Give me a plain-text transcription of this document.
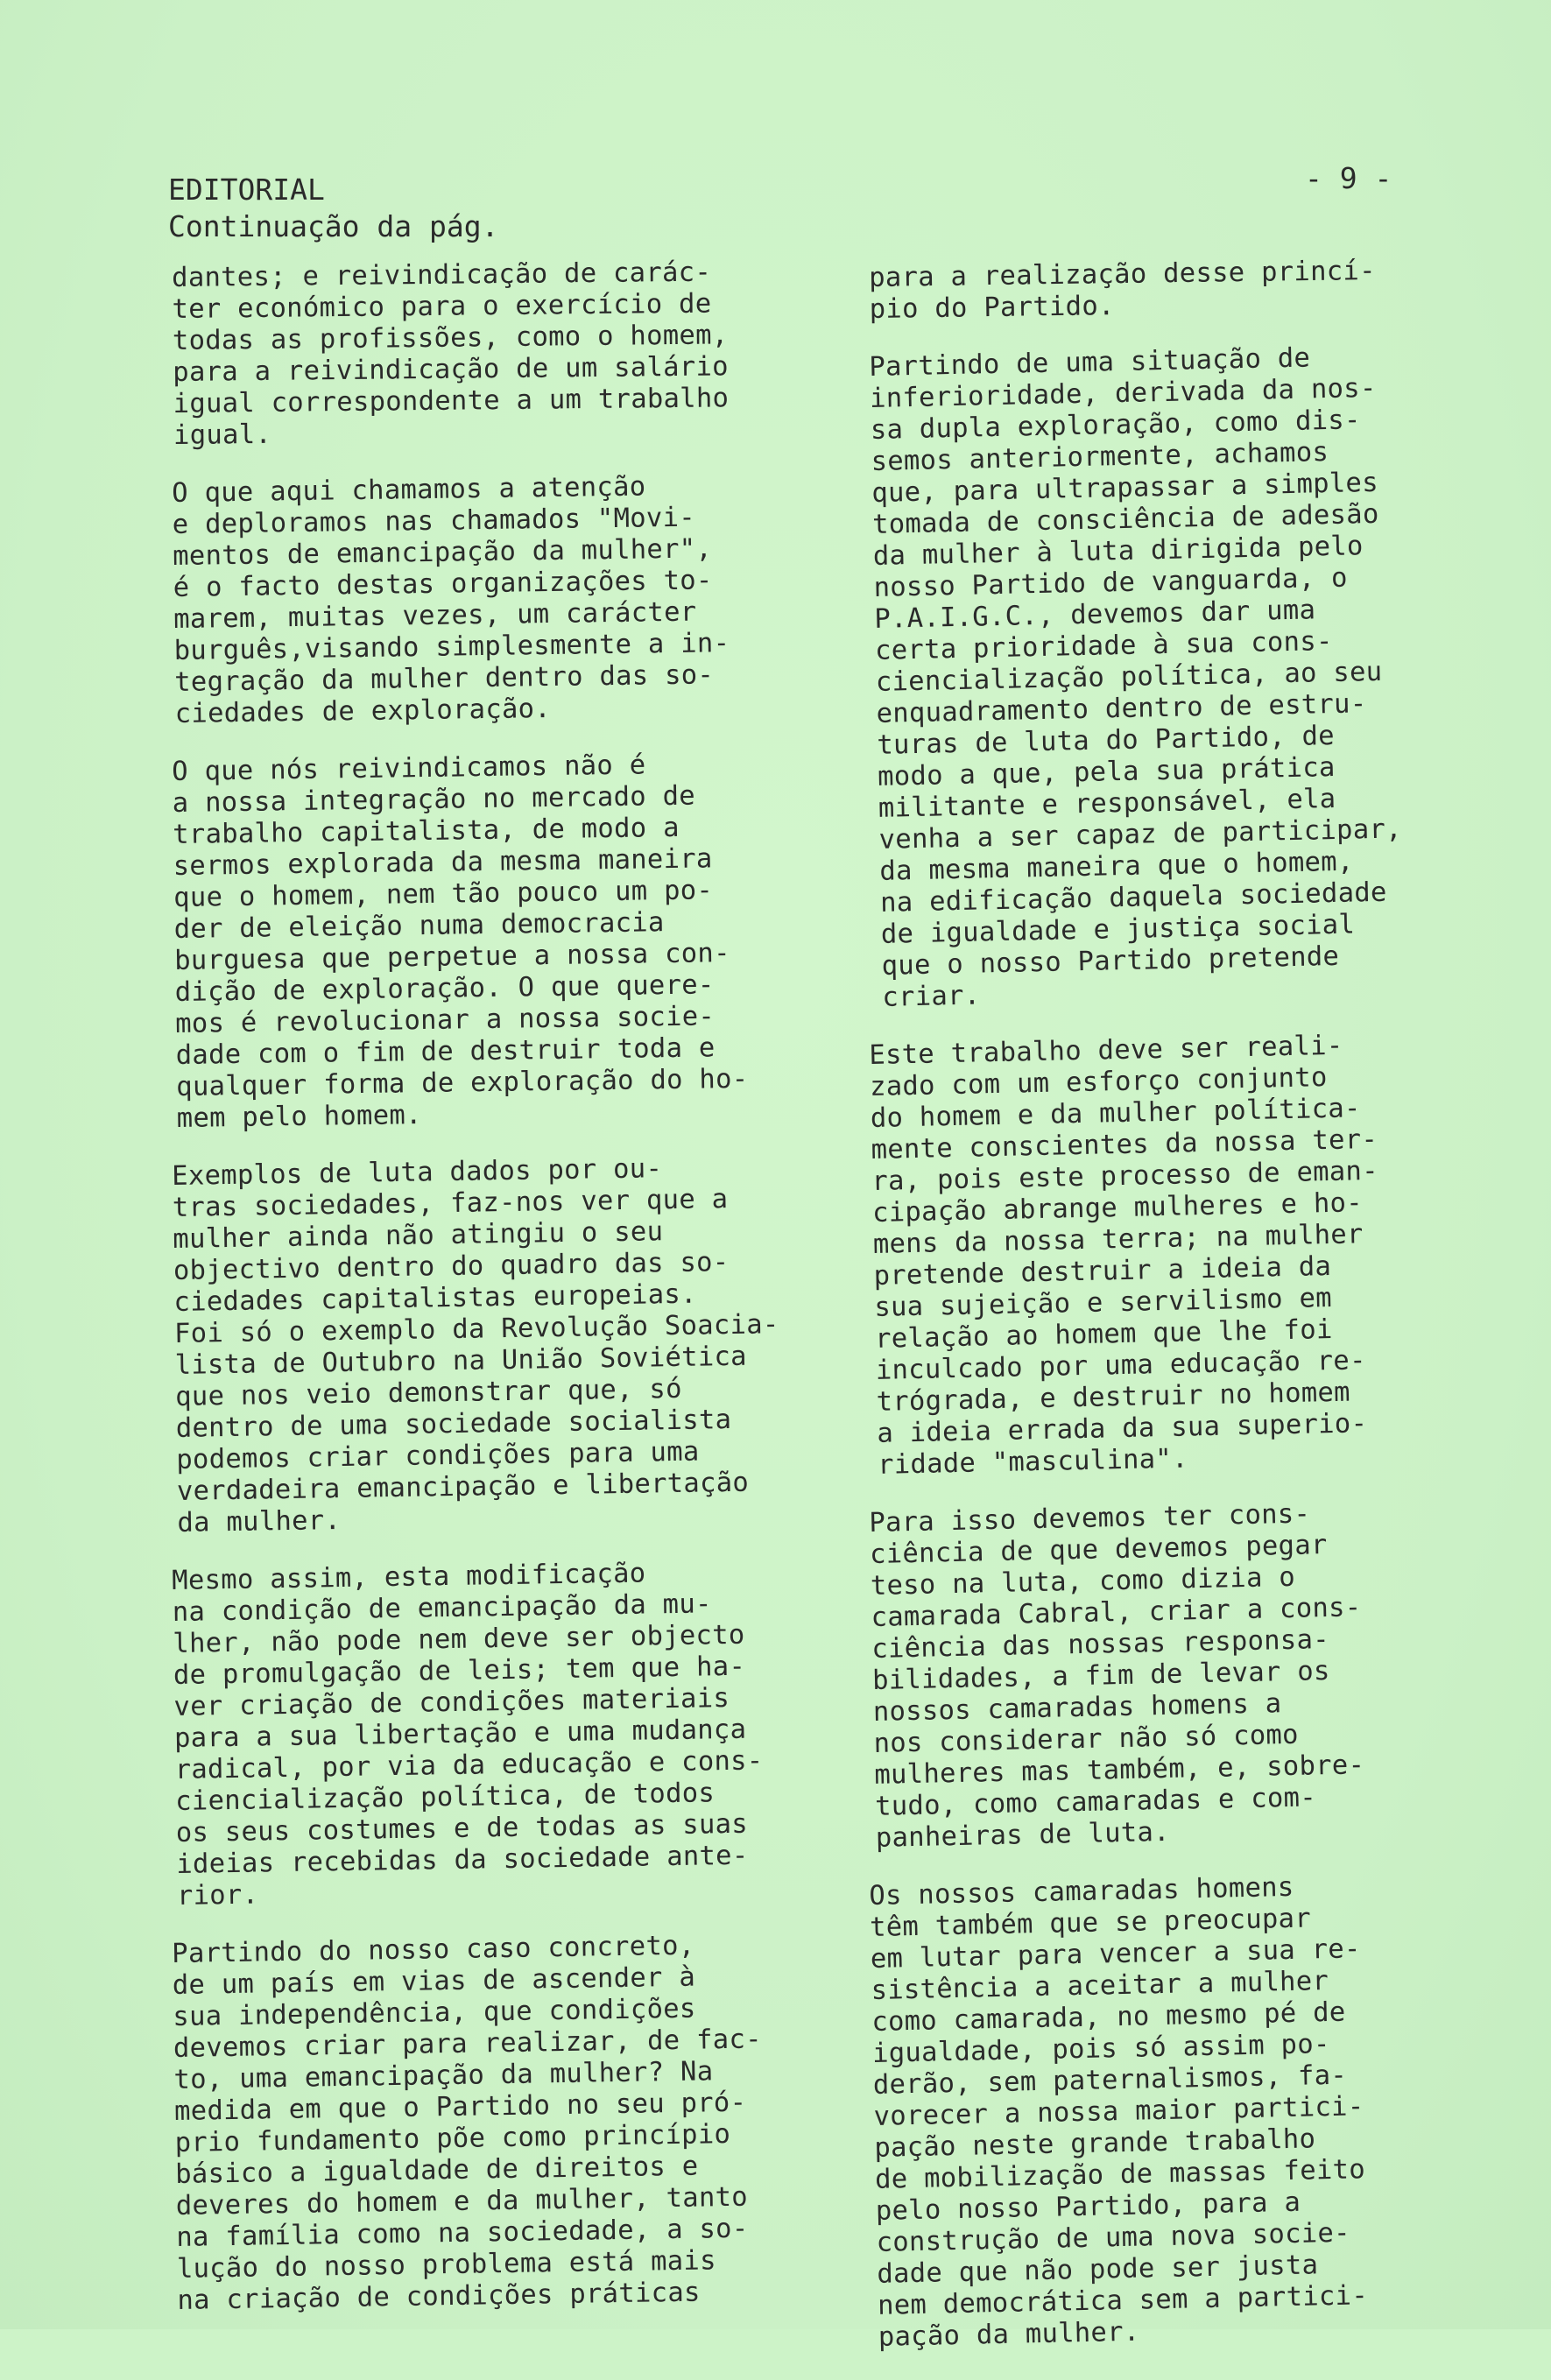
EDITORIAL
Continuação da pág.
- 9 -
dantes; e reivindicação de carác-
ter económico para o exercício de
todas as profissões, como o homem,
para a reivindicação de um salário
igual correspondente a um trabalho
igual.
O que aqui chamamos a atenção
e deploramos nas chamados "Movi-
mentos de emancipação da mulher",
é o facto destas organizações to-
marem, muitas vezes, um carácter
burguês,visando simplesmente a in-
tegração da mulher dentro das so-
ciedades de exploração.
O que nós reivindicamos não é
a nossa integração no mercado de
trabalho capitalista, de modo a
sermos explorada da mesma maneira
que o homem, nem tão pouco um po-
der de eleição numa democracia
burguesa que perpetue a nossa con-
dição de exploração. O que quere-
mos é revolucionar a nossa socie-
dade com o fim de destruir toda e
qualquer forma de exploração do ho-
mem pelo homem.
Exemplos de luta dados por ou-
tras sociedades, faz-nos ver que a
mulher ainda não atingiu o seu
objectivo dentro do quadro das so-
ciedades capitalistas europeias.
Foi só o exemplo da Revolução Soacia-
lista de Outubro na União Soviética
que nos veio demonstrar que, só
dentro de uma sociedade socialista
podemos criar condições para uma
verdadeira emancipação e libertação
da mulher.
Mesmo assim, esta modificação
na condição de emancipação da mu-
lher, não pode nem deve ser objecto
de promulgação de leis; tem que ha-
ver criação de condições materiais
para a sua libertação e uma mudança
radical, por via da educação e cons-
ciencialização política, de todos
os seus costumes e de todas as suas
ideias recebidas da sociedade ante-
rior.
Partindo do nosso caso concreto,
de um país em vias de ascender à
sua independência, que condições
devemos criar para realizar, de fac-
to, uma emancipação da mulher? Na
medida em que o Partido no seu pró-
prio fundamento põe como princípio
básico a igualdade de direitos e
deveres do homem e da mulher, tanto
na família como na sociedade, a so-
lução do nosso problema está mais
na criação de condições práticas
para a realização desse princí-
pio do Partido.
Partindo de uma situação de
inferioridade, derivada da nos-
sa dupla exploração, como dis-
semos anteriormente, achamos
que, para ultrapassar a simples
tomada de consciência de adesão
da mulher à luta dirigida pelo
nosso Partido de vanguarda, o
P.A.I.G.C., devemos dar uma
certa prioridade à sua cons-
ciencialização política, ao seu
enquadramento dentro de estru-
turas de luta do Partido, de
modo a que, pela sua prática
militante e responsável, ela
venha a ser capaz de participar,
da mesma maneira que o homem,
na edificação daquela sociedade
de igualdade e justiça social
que o nosso Partido pretende
criar.
Este trabalho deve ser reali-
zado com um esforço conjunto
do homem e da mulher política-
mente conscientes da nossa ter-
ra, pois este processo de eman-
cipação abrange mulheres e ho-
mens da nossa terra; na mulher
pretende destruir a ideia da
sua sujeição e servilismo em
relação ao homem que lhe foi
inculcado por uma educação re-
trógrada, e destruir no homem
a ideia errada da sua superio-
ridade "masculina".
Para isso devemos ter cons-
ciência de que devemos pegar
teso na luta, como dizia o
camarada Cabral, criar a cons-
ciência das nossas responsa-
bilidades, a fim de levar os
nossos camaradas homens a
nos considerar não só como
mulheres mas também, e, sobre-
tudo, como camaradas e com-
panheiras de luta.
Os nossos camaradas homens
têm também que se preocupar
em lutar para vencer a sua re-
sistência a aceitar a mulher
como camarada, no mesmo pé de
igualdade, pois só assim po-
derão, sem paternalismos, fa-
vorecer a nossa maior partici-
pação neste grande trabalho
de mobilização de massas feito
pelo nosso Partido, para a
construção de uma nova socie-
dade que não pode ser justa
nem democrática sem a partici-
pação da mulher.
